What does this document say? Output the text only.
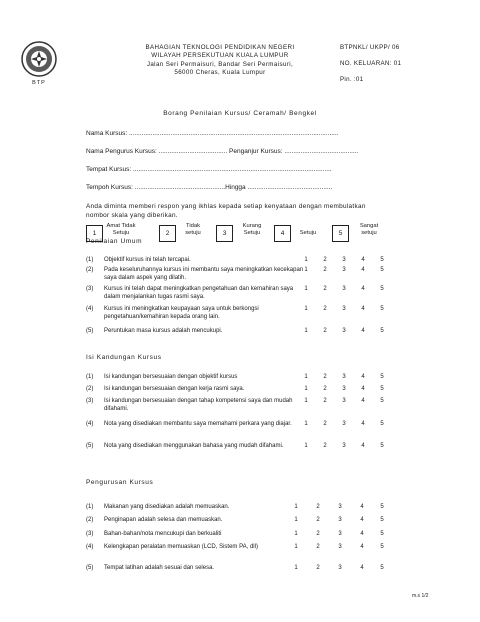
BTP
BAHAGIAN TEKNOLOGI PENDIDIKAN NEGERI
WILAYAH PERSEKUTUAN KUALA LUMPUR
Jalan Seri Permaisuri, Bandar Seri Permaisuri,
56000 Cheras, Kuala Lumpur
BTPNKL/ UKPP/ 06
NO. KELUARAN: 01
Pin. :01
Borang Penilaian Kursus/ Ceramah/ Bengkel
Nama Kursus: ....................................................................................................................
Nama Pengurus Kursus: ...................................... Penganjur Kursus: .........................................
Tempat Kursus: ..............................................................................................................
Tempoh Kursus: ..................................................Hingga ...............................................
Anda diminta memberi respon yang ikhlas kepada setiap kenyataan dengan membulatkan nombor skala yang diberikan.
1
Amat Tidak Setuju	2
Tidak setuju	3
Kurang Setuju	4	Setuju	5
Sangat setuju
Penilaian Umum
(1) Objektif kursus ini telah tercapai.	1	2	3	4	5
(2) Pada keseluruhannya kursus ini membantu saya meningkatkan kecekapan saya dalam aspek yang dilatih.
1	2	3	4	5
(3) Kursus ini telah dapat meningkatkan pengetahuan dan kemahiran saya dalam menjalankan tugas rasmi saya.
1	2	3	4	5
(4) Kursus ini meningkatkan keupayaan saya untuk berkongsi pengetahuan/kemahiran kepada orang lain.
1	2	3	4	5
(5) Peruntukan masa kursus adalah mencukupi.	1	2	3	4	5
Isi Kandungan Kursus
(1) Isi kandungan bersesuaian dengan objektif kursus	1	2	3	4	5
(2) Isi kandungan bersesuaian dengan kerja rasmi saya.	1	2	3	4	5
(3) Isi kandungan bersesuaian dengan tahap kompetensi saya dan mudah difahami.
1	2	3	4	5
(4) Nota yang disediakan membantu saya memahami perkara yang diajar.	1	2	3	4	5
(5) Nota yang disediakan menggunakan bahasa yang mudah difahami.	1	2	3	4	5
Pengurusan Kursus
(1) Makanan yang disediakan adalah memuaskan.	1	2	3	4	5
(2) Penginapan adalah selesa dan memuaskan.	1	2	3	4	5
(3) Bahan-bahan/nota mencukupi dan berkualiti	1	2	3	4	5
(4) Kelengkapan peralatan memuaskan (LCD, Sistem PA, dll)	1	2	3	4	5
(5) Tempat latihan adalah sesuai dan selesa.	1	2	3	4	5
m.s 1/2
